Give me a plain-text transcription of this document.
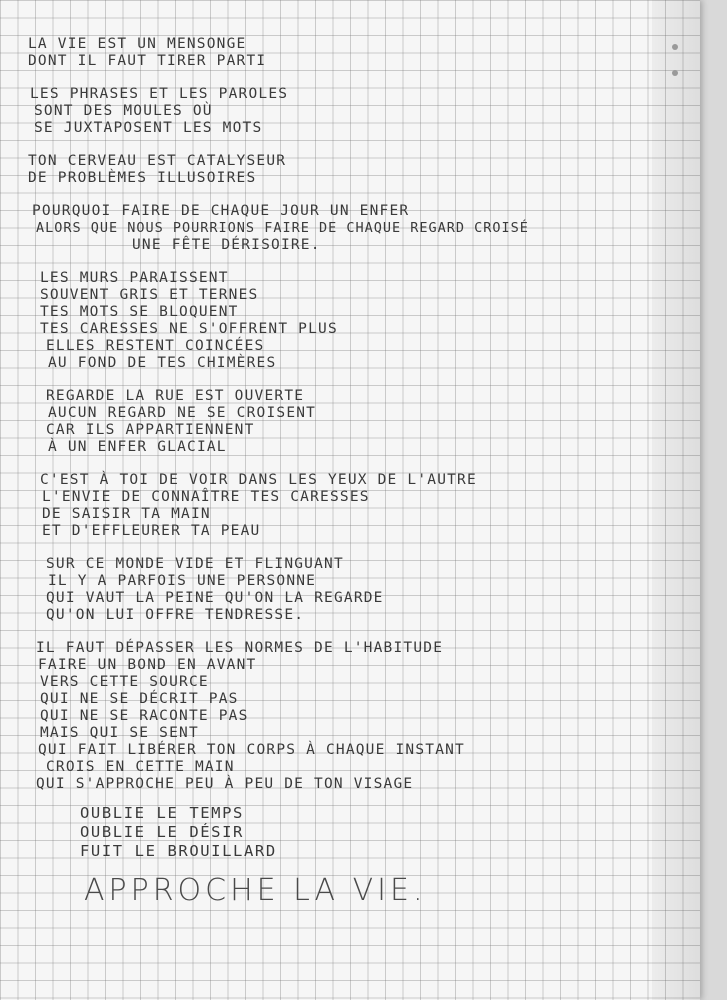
LA VIE EST UN MENSONGE
DONT IL FAUT TIRER PARTI
LES PHRASES ET LES PAROLES
SONT DES MOULES OÙ
SE JUXTAPOSENT LES MOTS
TON CERVEAU EST CATALYSEUR
DE PROBLÈMES ILLUSOIRES
POURQUOI FAIRE DE CHAQUE JOUR UN ENFER
ALORS QUE NOUS POURRIONS FAIRE DE CHAQUE REGARD CROISÉ
UNE FÊTE DÉRISOIRE.
LES MURS PARAISSENT
SOUVENT GRIS ET TERNES
TES MOTS SE BLOQUENT
TES CARESSES NE S'OFFRENT PLUS
ELLES RESTENT COINCÉES
AU FOND DE TES CHIMÈRES
REGARDE LA RUE EST OUVERTE
AUCUN REGARD NE SE CROISENT
CAR ILS APPARTIENNENT
À UN ENFER GLACIAL
C'EST À TOI DE VOIR DANS LES YEUX DE L'AUTRE
L'ENVIE DE CONNAÎTRE TES CARESSES
DE SAISIR TA MAIN
ET D'EFFLEURER TA PEAU
SUR CE MONDE VIDE ET FLINGUANT
IL Y A PARFOIS UNE PERSONNE
QUI VAUT LA PEINE QU'ON LA REGARDE
QU'ON LUI OFFRE TENDRESSE.
IL FAUT DÉPASSER LES NORMES DE L'HABITUDE
FAIRE UN BOND EN AVANT
VERS CETTE SOURCE
QUI NE SE DÉCRIT PAS
QUI NE SE RACONTE PAS
MAIS QUI SE SENT
QUI FAIT LIBÉRER TON CORPS À CHAQUE INSTANT
CROIS EN CETTE MAIN
QUI S'APPROCHE PEU À PEU DE TON VISAGE
OUBLIE LE TEMPS
OUBLIE LE DÉSIR
FUIT LE BROUILLARD
APPROCHE LA VIE.
